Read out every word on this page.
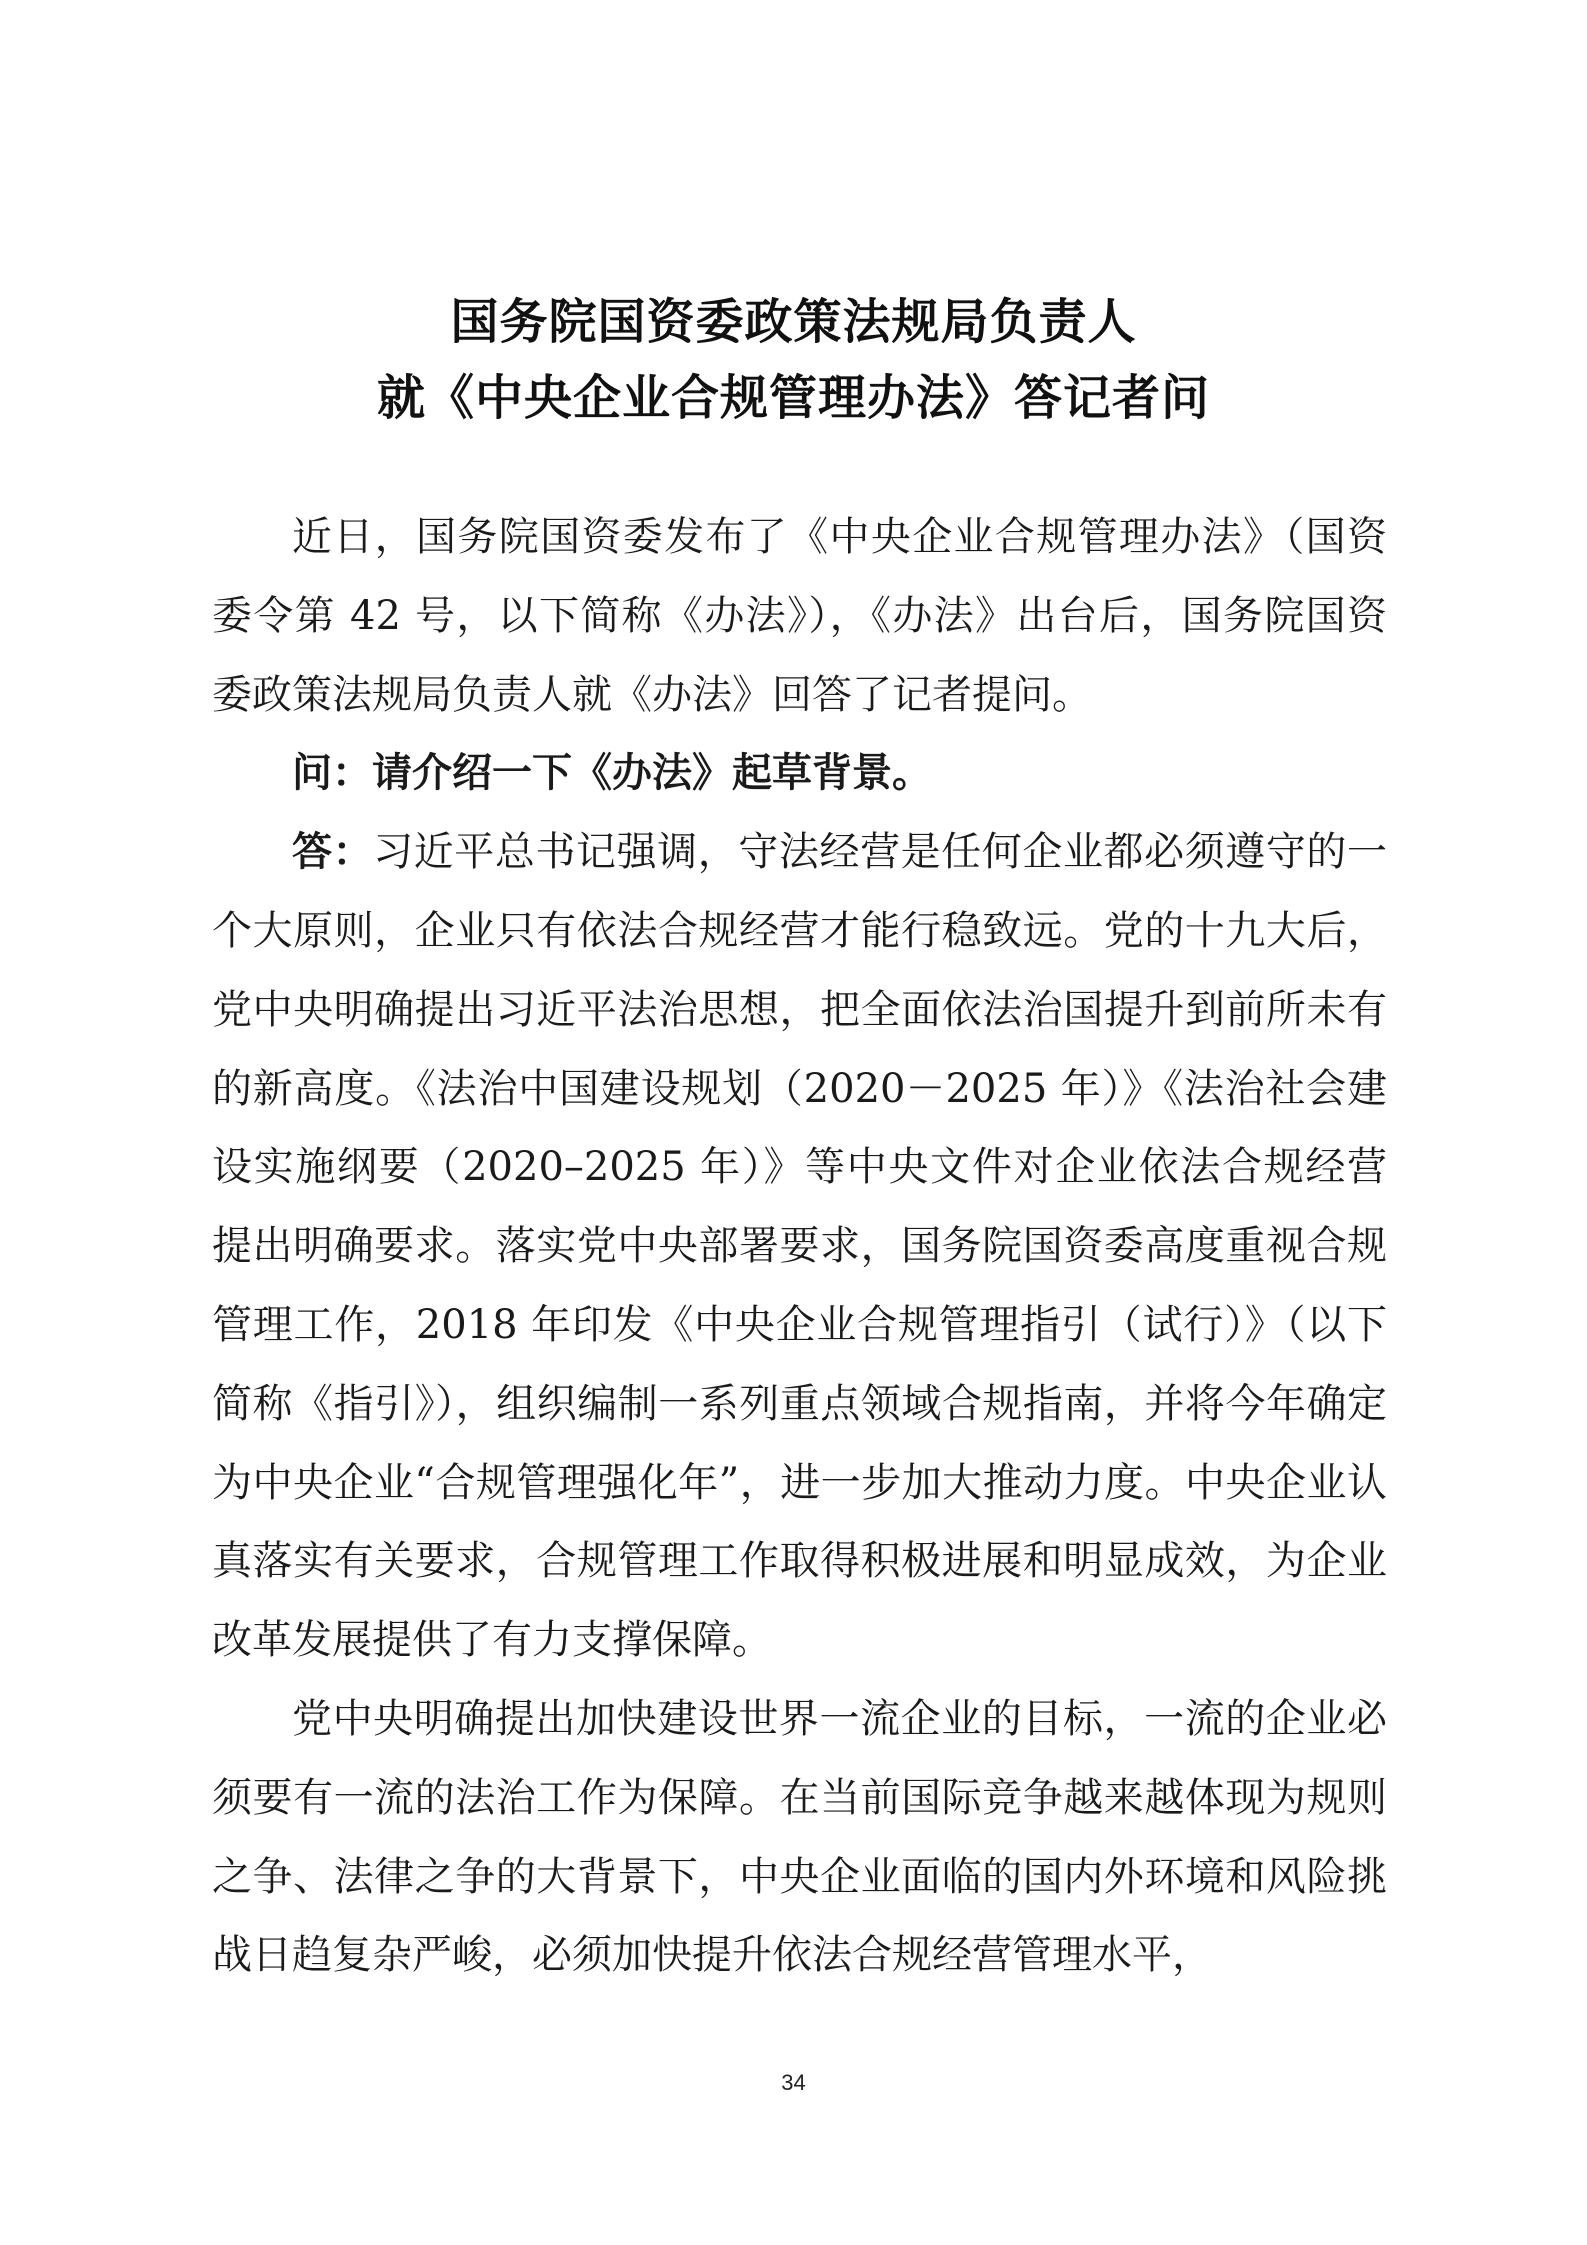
国务院国资委政策法规局负责人
就《中央企业合规管理办法》答记者问

近日，国务院国资委发布了《中央企业合规管理办法》（国资委令第 42 号，以下简称《办法》），《办法》出台后，国务院国资委政策法规局负责人就《办法》回答了记者提问。

问：请介绍一下《办法》起草背景。

答：习近平总书记强调，守法经营是任何企业都必须遵守的一个大原则，企业只有依法合规经营才能行稳致远。党的十九大后，党中央明确提出习近平法治思想，把全面依法治国提升到前所未有的新高度。《法治中国建设规划（2020－2025 年）》《法治社会建设实施纲要（2020–2025 年）》等中央文件对企业依法合规经营提出明确要求。落实党中央部署要求，国务院国资委高度重视合规管理工作，2018 年印发《中央企业合规管理指引（试行）》（以下简称《指引》），组织编制一系列重点领域合规指南，并将今年确定为中央企业“合规管理强化年”，进一步加大推动力度。中央企业认真落实有关要求，合规管理工作取得积极进展和明显成效，为企业改革发展提供了有力支撑保障。

党中央明确提出加快建设世界一流企业的目标，一流的企业必须要有一流的法治工作为保障。在当前国际竞争越来越体现为规则之争、法律之争的大背景下，中央企业面临的国内外环境和风险挑战日趋复杂严峻，必须加快提升依法合规经营管理水平，

34
